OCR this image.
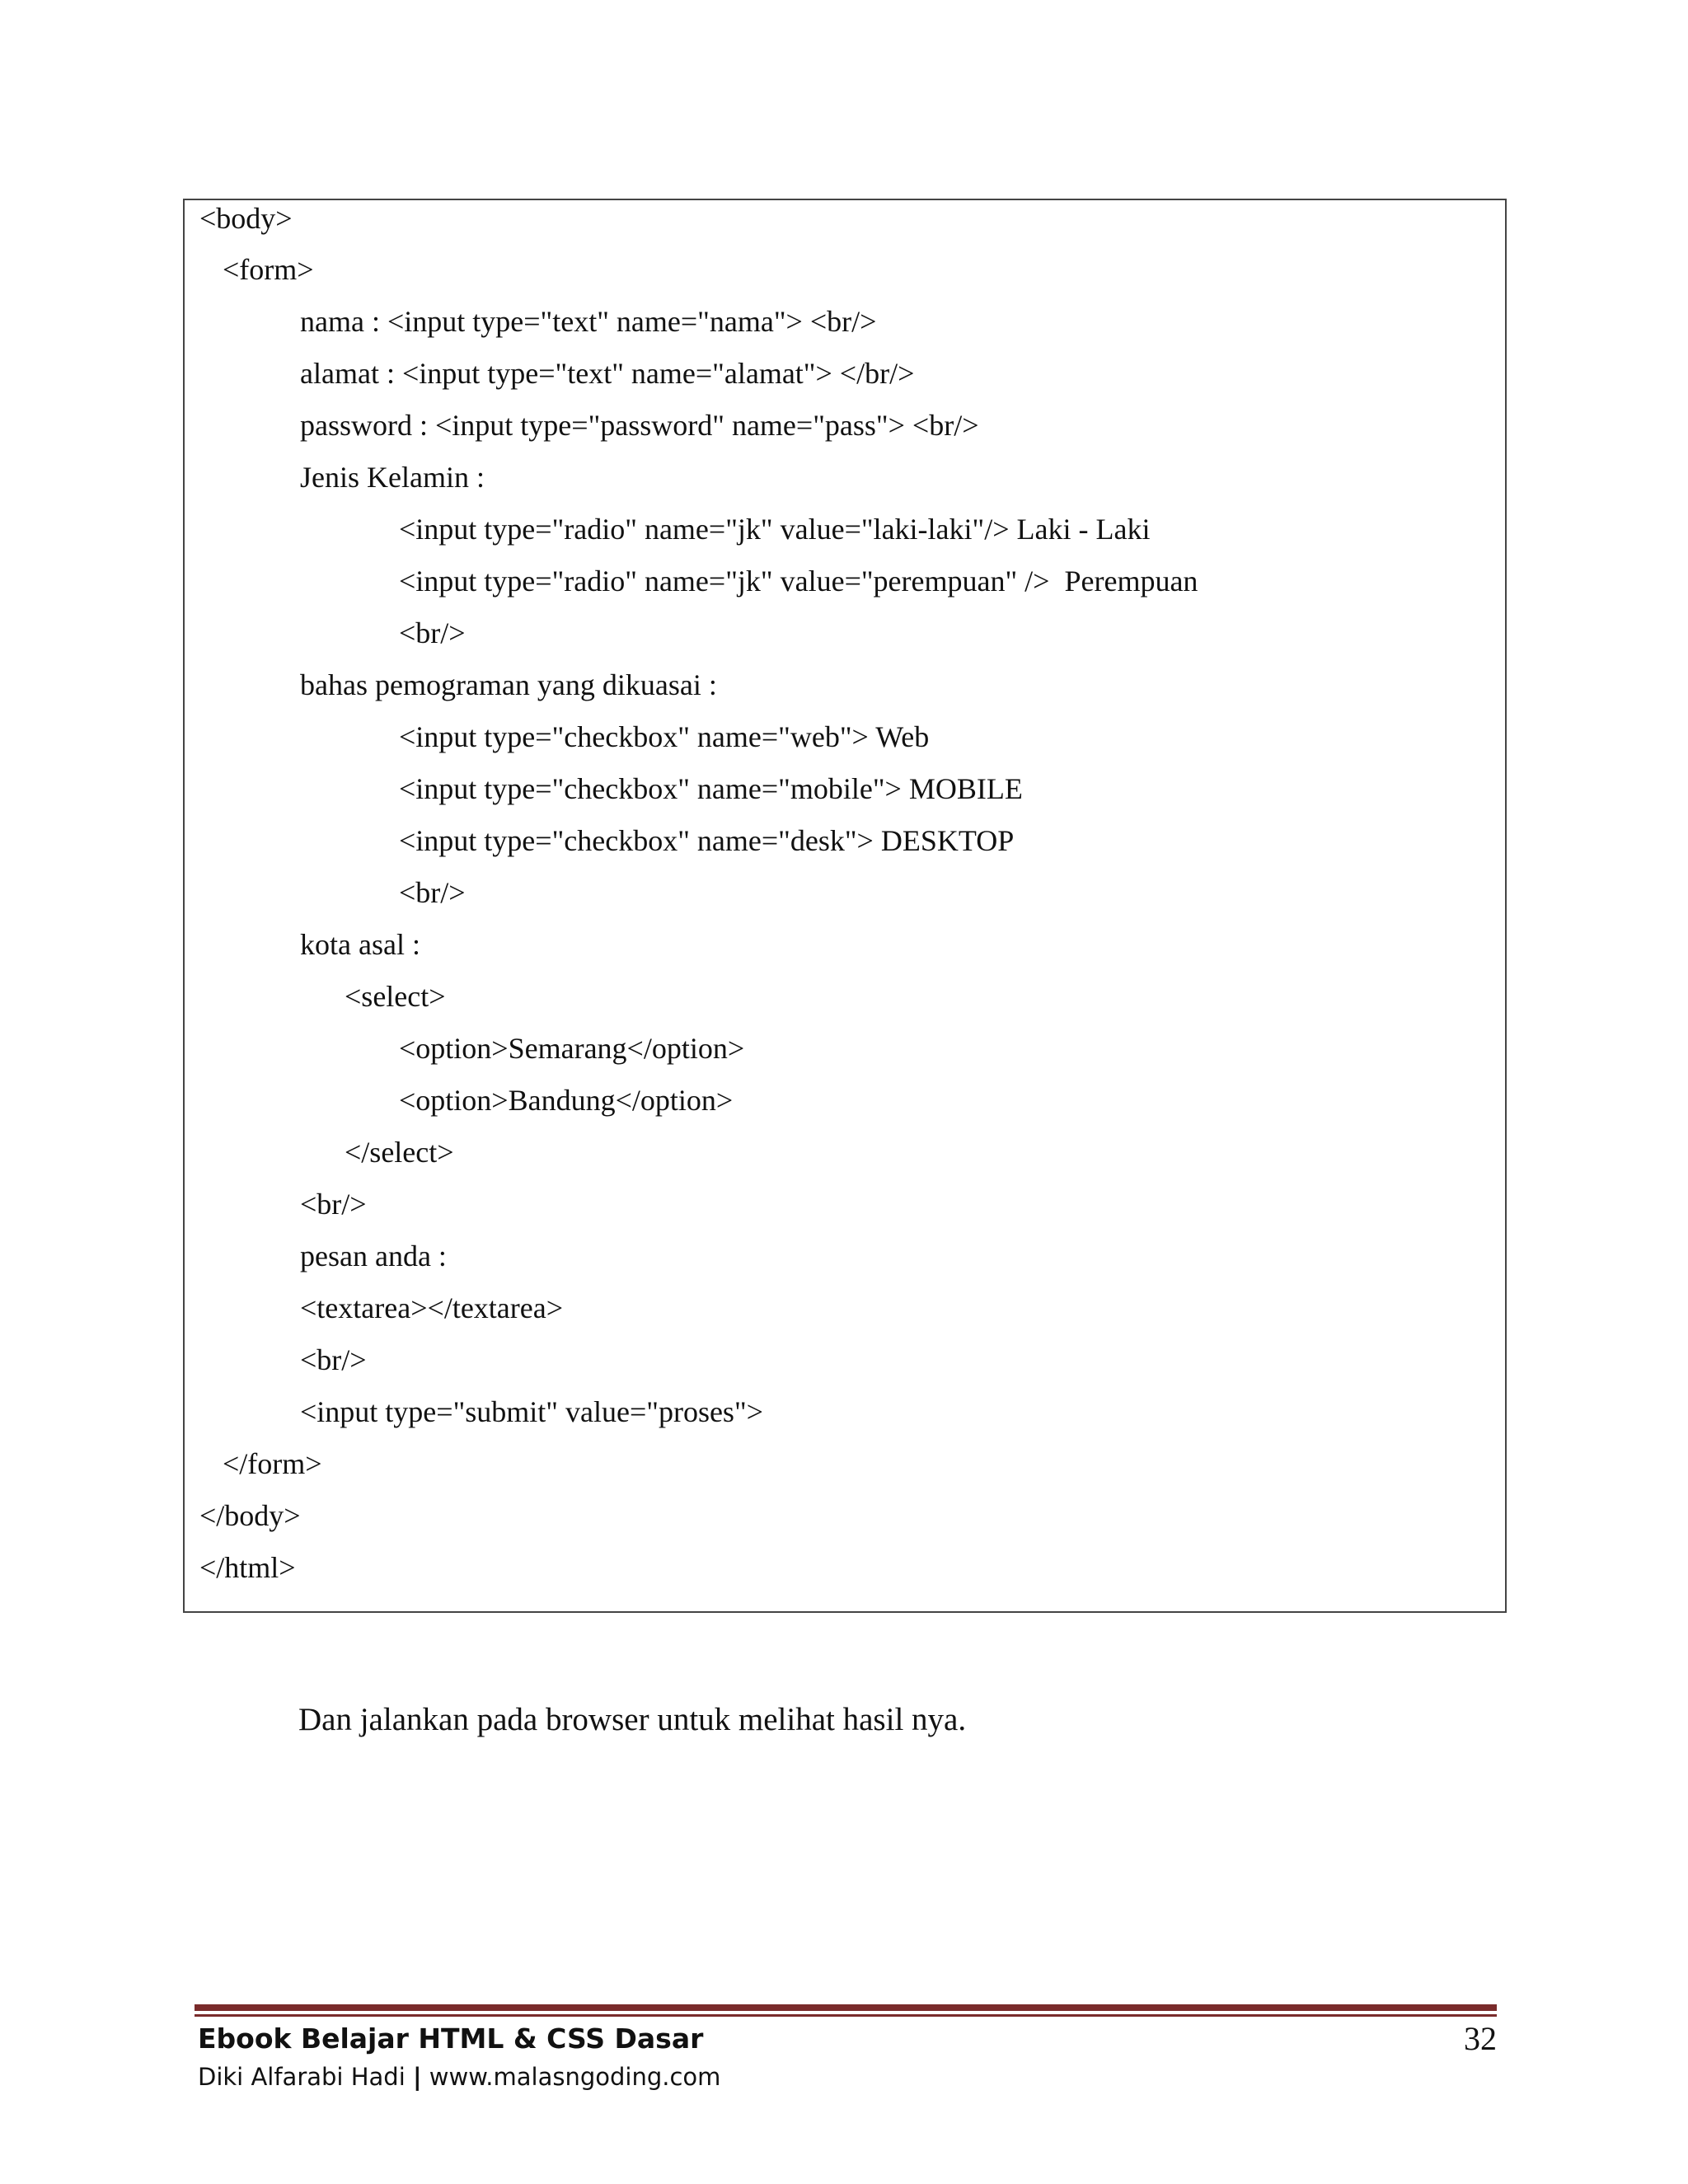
<body>
<form>
nama : <input type="text" name="nama"> <br/>
alamat : <input type="text" name="alamat"> </br/>
password : <input type="password" name="pass"> <br/>
Jenis Kelamin :
<input type="radio" name="jk" value="laki-laki"/> Laki - Laki
<input type="radio" name="jk" value="perempuan" />  Perempuan
<br/>
bahas pemograman yang dikuasai :
<input type="checkbox" name="web"> Web
<input type="checkbox" name="mobile"> MOBILE
<input type="checkbox" name="desk"> DESKTOP
<br/>
kota asal :
<select>
<option>Semarang</option>
<option>Bandung</option>
</select>
<br/>
pesan anda :
<textarea></textarea>
<br/>
<input type="submit" value="proses">
</form>
</body>
</html>
Dan jalankan pada browser untuk melihat hasil nya.
Ebook Belajar HTML & CSS Dasar
Diki Alfarabi Hadi | www.malasngoding.com
32
